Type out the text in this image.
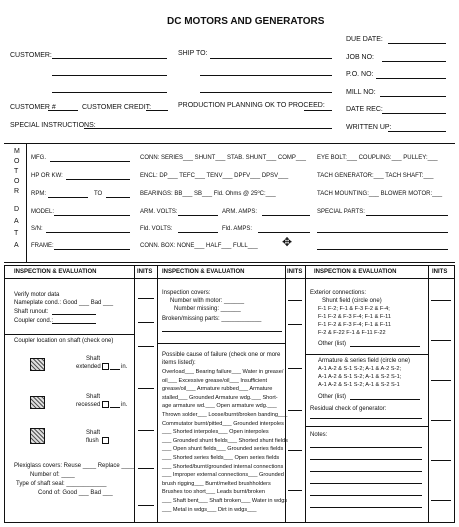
DC MOTORS AND GENERATORS
DUE DATE:
CUSTOMER:	SHIP TO:
JOB NO:
P.O. NO:
MILL NO:
CUSTOMER #	CUSTOMER CREDIT:	PRODUCTION PLANNING OK TO PROCEED:
DATE REC:
SPECIAL INSTRUCTIONS:	WRITTEN UP:
M
O
T
O
R
D
A
T
A
MFG.
HP OR KW:
RPM:	TO
MODEL:
S/N:
FRAME:
CONN: SERIES___ SHUNT___ STAB. SHUNT___ COMP___
ENCL: DP___ TEFC___ TENV___ DPFV___ DPSV___
BEARINGS: BB___ SB___ Fld. Ohms @ 25ºC:___
ARM. VOLTS:	ARM. AMPS:
Fld. VOLTS:	Fld. AMPS:
CONN. BOX: NONE___ HALF___ FULL___ ✥
EYE BOLT:___ COUPLING:___ PULLEY:___
TACH GENERATOR:___ TACH SHAFT:___
TACH MOUNTING:___ BLOWER MOTOR:___
SPECIAL PARTS:
INSPECTION & EVALUATION	INITS INSPECTION & EVALUATION	INITS INSPECTION & EVALUATION	INITS
Verify motor data
Nameplate cond.: Good ___ Bad ___
Shaft runout:
Coupler cond.:
Coupler location on shaft (check one)
Shaft
extended	in.
Shaft
recessed	in.
Shaft
flush
Plexiglass covers: Reuse ____ Replace ____
Number of: ____
Type of shaft seal: ____________
Cond of: Good ___ Bad ___
Inspection covers:
Number with motor: ______
Number missing: ______
Broken/missing parts: ____________
Possible cause of failure (check one or more items listed):
Overload___ Bearing failure___ Water in grease/
oil___ Excessive grease/oil___ Insufficient
grease/oil___ Armature rubbed___ Armature
stalled___ Grounded Armature wdg.___ Short-
age armature wd.___ Open armature wdg.___
Thrown solder___ Loose/burnt/broken banding___
Commutator burnt/pitted___ Grounded interpoles
___ Shorted interpoles___ Open interpoles
___ Grounded shunt fields___ Shorted shunt fields
___ Open shunt fields___ Grounded series fields
___ Shorted series fields___ Open series fields
___ Shorted/burnt/grounded internal connections
___ Improper external connections___ Grounded
brush rigging___ Burnt/melted brushholders
Brushes too short___ Leads burnt/broken
___ Shaft bent___ Shaft broken___ Water in wdgs
___ Metal in wdgs___ Dirt in wdgs___
Exterior connections:
Shunt field (circle one)
F-1 F-2; F-1 & F-3 F-2 & F-4;
F-1 F-2 & F-3 F-4; F-1 & F-11
F-1 F-2 & F-3 F-4; F-1 & F-11
F-2 & F-22 F-1 & F-11 F-22
Other (list)
Armature & series field (circle one)
A-1 A-2 & S-1 S-2; A-1 & A-2 S-2;
A-1 A-2 & S-1 S-2; A-1 & S-2 S-1;
A-1 A-2 & S-1 S-2; A-1 & S-2 S-1
Other (list)
Residual check of generator:
Notes:
